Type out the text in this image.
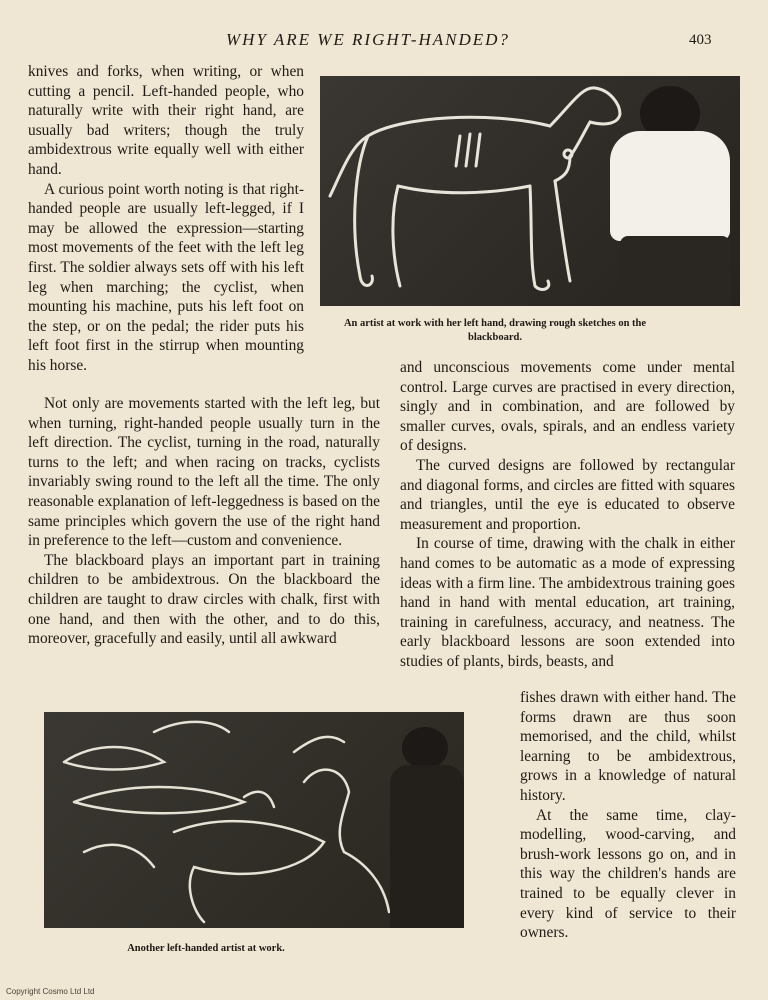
WHY ARE WE RIGHT-HANDED?	403

knives and forks, when writing, or when cutting a pencil. Left-handed people, who naturally write with their right hand, are usually bad writers; though the truly ambidextrous write equally well with either hand.

A curious point worth noting is that right-handed people are usually left-legged, if I may be allowed the expression—starting most movements of the feet with the left leg first. The soldier always sets off with his left leg when marching; the cyclist, when mounting his machine, puts his left foot on the step, or on the pedal; the rider puts his left foot first in the stirrup when mounting his horse.

Not only are movements started with the left leg, but when turning, right-handed people usually turn in the left direction. The cyclist, turning in the road, naturally turns to the left; and when racing on tracks, cyclists invariably swing round to the left all the time. The only reasonable explanation of left-leggedness is based on the same principles which govern the use of the right hand in preference to the left—custom and convenience.

The blackboard plays an important part in training children to be ambidextrous. On the blackboard the children are taught to draw circles with chalk, first with one hand, and then with the other, and to do this, moreover, gracefully and easily, until all awkward

An artist at work with her left hand, drawing rough sketches on the blackboard.

and unconscious movements come under mental control. Large curves are practised in every direction, singly and in combination, and are followed by smaller curves, ovals, spirals, and an endless variety of designs.

The curved designs are followed by rectangular and diagonal forms, and circles are fitted with squares and triangles, until the eye is educated to observe measurement and proportion.

In course of time, drawing with the chalk in either hand comes to be automatic as a mode of expressing ideas with a firm line. The ambidextrous training goes hand in hand with mental education, art training, training in carefulness, accuracy, and neatness. The early blackboard lessons are soon extended into studies of plants, birds, beasts, and

Another left-handed artist at work.

fishes drawn with either hand. The forms drawn are thus soon memorised, and the child, whilst learning to be ambidextrous, grows in a knowledge of natural history.

At the same time, clay-modelling, wood-carving, and brush-work lessons go on, and in this way the children's hands are trained to be equally clever in every kind of service to their owners.

Copyright Cosmo Ltd Ltd
